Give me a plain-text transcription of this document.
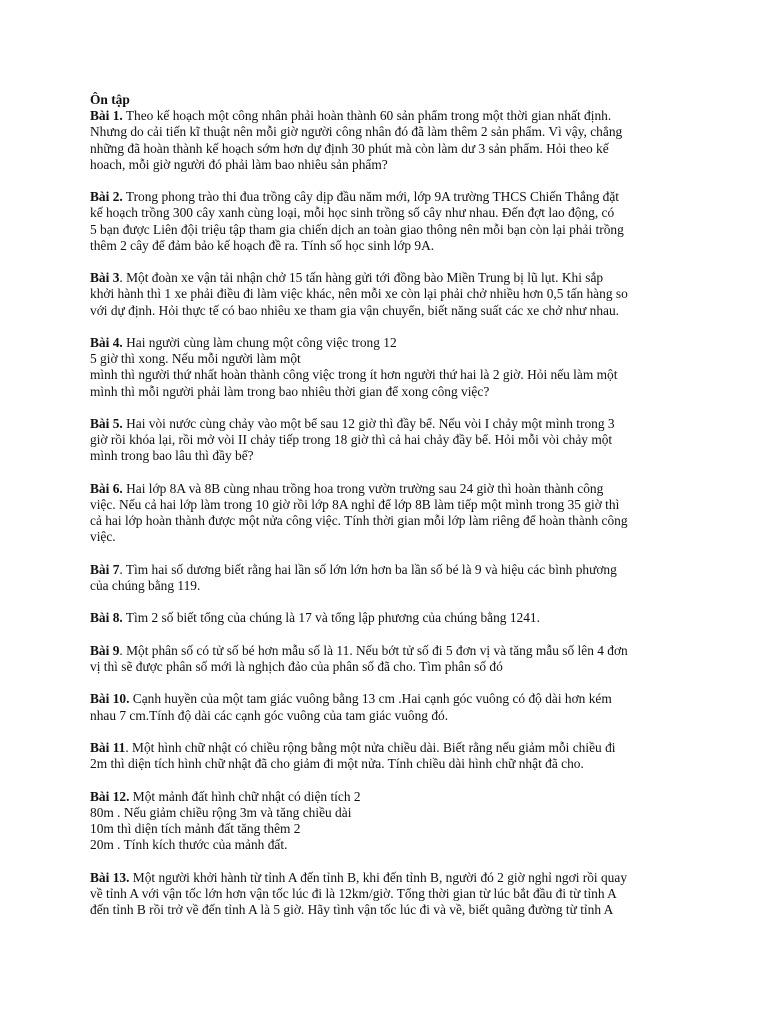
Ôn tập
Bài 1. Theo kế hoạch một công nhân phải hoàn thành 60 sản phẩm trong một thời gian nhất định.
Nhưng do cải tiến kĩ thuật nên mỗi giờ người công nhân đó đã làm thêm 2 sản phẩm. Vì vậy, chẳng
những đã hoàn thành kế hoạch sớm hơn dự định 30 phút mà còn làm dư 3 sản phẩm. Hỏi theo kế
hoach, mỗi giờ người đó phải làm bao nhiêu sản phẩm?
Bài 2. Trong phong trào thi đua trồng cây dịp đầu năm mới, lớp 9A trường THCS Chiến Thắng đặt
kế hoạch trồng 300 cây xanh cùng loại, mỗi học sinh trồng số cây như nhau. Đến đợt lao động, có
5 bạn được Liên đội triệu tập tham gia chiến dịch an toàn giao thông nên mỗi bạn còn lại phải trồng
thêm 2 cây để đảm bảo kế hoạch đề ra. Tính số học sinh lớp 9A.
Bài 3. Một đoàn xe vận tải nhận chở 15 tấn hàng gửi tới đồng bào Miền Trung bị lũ lụt. Khi sắp
khởi hành thì 1 xe phải điều đi làm việc khác, nên mỗi xe còn lại phải chở nhiều hơn 0,5 tấn hàng so
với dự định. Hỏi thực tế có bao nhiêu xe tham gia vận chuyển, biết năng suất các xe chở như nhau.
Bài 4. Hai người cùng làm chung một công việc trong 12
5 giờ thì xong. Nếu mỗi người làm một
mình thì người thứ nhất hoàn thành công việc trong ít hơn người thứ hai là 2 giờ. Hỏi nếu làm một
mình thì mỗi người phải làm trong bao nhiêu thời gian để xong công việc?
Bài 5. Hai vòi nước cùng chảy vào một bể sau 12 giờ thì đầy bể. Nếu vòi I chảy một mình trong 3
giờ rồi khóa lại, rồi mở vòi II chảy tiếp trong 18 giờ thì cả hai chảy đầy bể. Hỏi mỗi vòi chảy một
mình trong bao lâu thì đầy bể?
Bài 6. Hai lớp 8A và 8B cùng nhau trồng hoa trong vườn trường sau 24 giờ thì hoàn thành công
việc. Nếu cả hai lớp làm trong 10 giờ rồi lớp 8A nghỉ để lớp 8B làm tiếp một mình trong 35 giờ thì
cả hai lớp hoàn thành được một nửa công việc. Tính thời gian mỗi lớp làm riêng để hoàn thành công
việc.
Bài 7. Tìm hai số dương biết rằng hai lần số lớn lớn hơn ba lần số bé là 9 và hiệu các bình phương
của chúng bằng 119.
Bài 8. Tìm 2 số biết tổng của chúng là 17 và tổng lập phương của chúng bằng 1241.
Bài 9. Một phân số có tử số bé hơn mẫu số là 11. Nếu bớt tử số đi 5 đơn vị và tăng mẫu số lên 4 đơn
vị thì sẽ được phân số mới là nghịch đảo của phân số đã cho. Tìm phân số đó
Bài 10. Cạnh huyền của một tam giác vuông bằng 13 cm .Hai cạnh góc vuông có độ dài hơn kém
nhau 7 cm.Tính độ dài các cạnh góc vuông của tam giác vuông đó.
Bài 11. Một hình chữ nhật có chiều rộng bằng một nửa chiều dài. Biết rằng nếu giảm mỗi chiều đi
2m thì diện tích hình chữ nhật đã cho giảm đi một nửa. Tính chiều dài hình chữ nhật đã cho.
Bài 12. Một mảnh đất hình chữ nhật có diện tích 2
80m . Nếu giảm chiều rộng 3m và tăng chiều dài
10m thì diện tích mảnh đất tăng thêm 2
20m . Tính kích thước của mảnh đất.
Bài 13. Một người khởi hành từ tỉnh A đến tỉnh B, khi đến tỉnh B, người đó 2 giờ nghỉ ngơi rồi quay
về tỉnh A với vận tốc lớn hơn vận tốc lúc đi là 12km/giờ. Tổng thời gian từ lúc bắt đầu đi từ tỉnh A
đến tỉnh B rồi trở về đến tỉnh A là 5 giờ. Hãy tình vận tốc lúc đi và về, biết quãng đường từ tỉnh A
